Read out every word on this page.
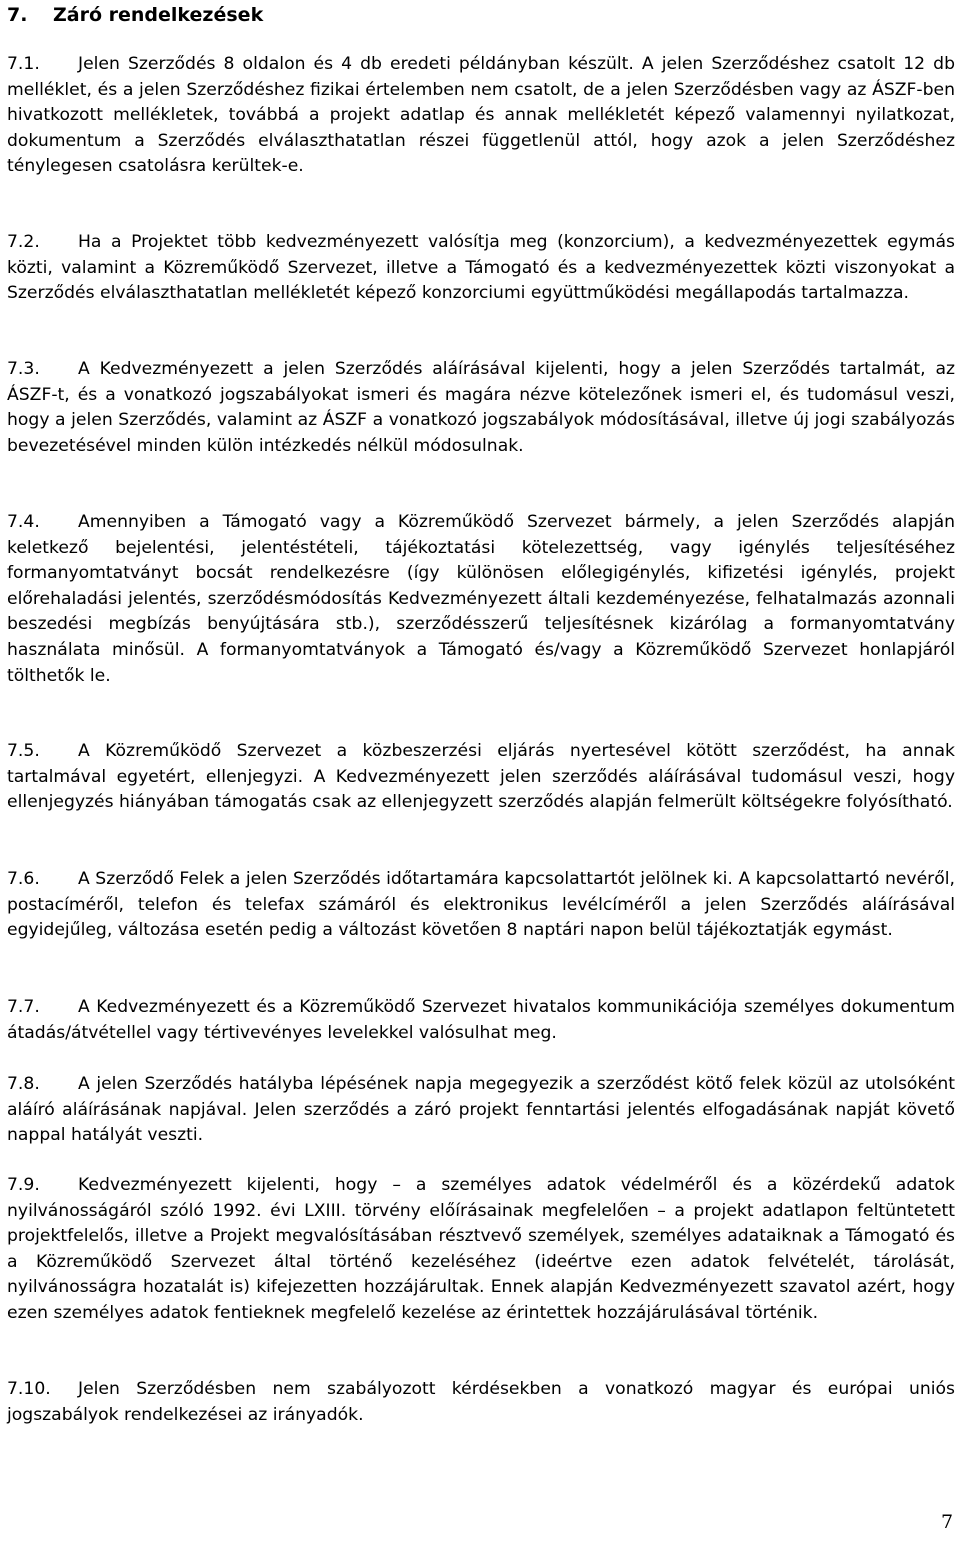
7. Záró rendelkezések
7.1. Jelen Szerződés 8 oldalon és 4 db eredeti példányban készült. A jelen Szerződéshez csatolt 12 db melléklet, és a jelen Szerződéshez fizikai értelemben nem csatolt, de a jelen Szerződésben vagy az ÁSZF-ben hivatkozott mellékletek, továbbá a projekt adatlap és annak mellékletét képező valamennyi nyilatkozat, dokumentum a Szerződés elválaszthatatlan részei függetlenül attól, hogy azok a jelen Szerződéshez ténylegesen csatolásra kerültek-e.
7.2. Ha a Projektet több kedvezményezett valósítja meg (konzorcium), a kedvezményezettek egymás közti, valamint a Közreműködő Szervezet, illetve a Támogató és a kedvezményezettek közti viszonyokat a Szerződés elválaszthatatlan mellékletét képező konzorciumi együttműködési megállapodás tartalmazza.
7.3. A Kedvezményezett a jelen Szerződés aláírásával kijelenti, hogy a jelen Szerződés tartalmát, az ÁSZF-t, és a vonatkozó jogszabályokat ismeri és magára nézve kötelezőnek ismeri el, és tudomásul veszi, hogy a jelen Szerződés, valamint az ÁSZF a vonatkozó jogszabályok módosításával, illetve új jogi szabályozás bevezetésével minden külön intézkedés nélkül módosulnak.
7.4. Amennyiben a Támogató vagy a Közreműködő Szervezet bármely, a jelen Szerződés alapján keletkező bejelentési, jelentéstételi, tájékoztatási kötelezettség, vagy igénylés teljesítéséhez formanyomtatványt bocsát rendelkezésre (így különösen előlegigénylés, kifizetési igénylés, projekt előrehaladási jelentés, szerződésmódosítás Kedvezményezett általi kezdeményezése, felhatalmazás azonnali beszedési megbízás benyújtására stb.), szerződésszerű teljesítésnek kizárólag a formanyomtatvány használata minősül. A formanyomtatványok a Támogató és/vagy a Közreműködő Szervezet honlapjáról tölthetők le.
7.5. A Közreműködő Szervezet a közbeszerzési eljárás nyertesével kötött szerződést, ha annak tartalmával egyetért, ellenjegyzi. A Kedvezményezett jelen szerződés aláírásával tudomásul veszi, hogy ellenjegyzés hiányában támogatás csak az ellenjegyzett szerződés alapján felmerült költségekre folyósítható.
7.6. A Szerződő Felek a jelen Szerződés időtartamára kapcsolattartót jelölnek ki. A kapcsolattartó nevéről, postacíméről, telefon és telefax számáról és elektronikus levélcíméről a jelen Szerződés aláírásával egyidejűleg, változása esetén pedig a változást követően 8 naptári napon belül tájékoztatják egymást.
7.7. A Kedvezményezett és a Közreműködő Szervezet hivatalos kommunikációja személyes dokumentum átadás/átvétellel vagy tértivevényes levelekkel valósulhat meg.
7.8. A jelen Szerződés hatályba lépésének napja megegyezik a szerződést kötő felek közül az utolsóként aláíró aláírásának napjával. Jelen szerződés a záró projekt fenntartási jelentés elfogadásának napját követő nappal hatályát veszti.
7.9. Kedvezményezett kijelenti, hogy – a személyes adatok védelméről és a közérdekű adatok nyilvánosságáról szóló 1992. évi LXIII. törvény előírásainak megfelelően – a projekt adatlapon feltüntetett projektfelelős, illetve a Projekt megvalósításában résztvevő személyek, személyes adataiknak a Támogató és a Közreműködő Szervezet által történő kezeléséhez (ideértve ezen adatok felvételét, tárolását, nyilvánosságra hozatalát is) kifejezetten hozzájárultak. Ennek alapján Kedvezményezett szavatol azért, hogy ezen személyes adatok fentieknek megfelelő kezelése az érintettek hozzájárulásával történik.
7.10. Jelen Szerződésben nem szabályozott kérdésekben a vonatkozó magyar és európai uniós jogszabályok rendelkezései az irányadók.
7
